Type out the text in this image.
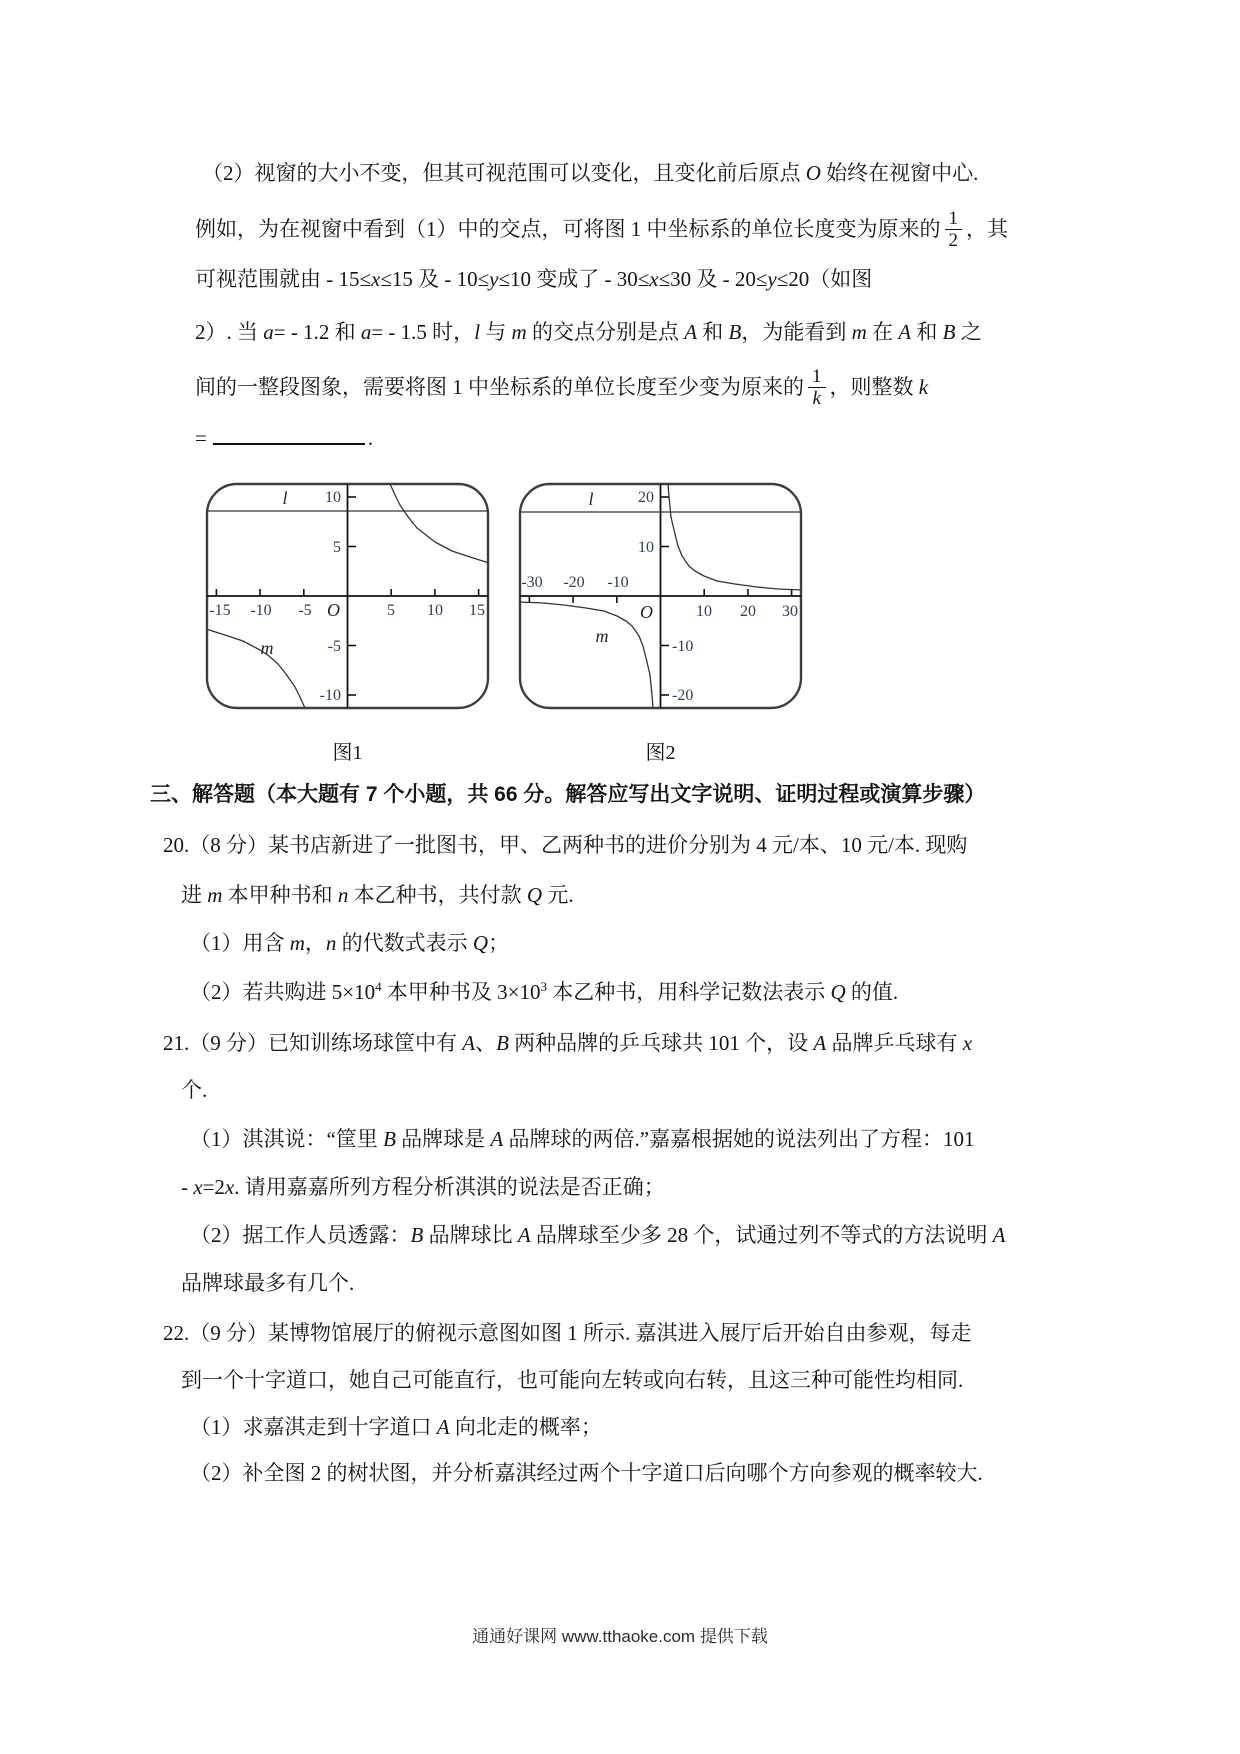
（2）视窗的大小不变，但其可视范围可以变化，且变化前后原点 O 始终在视窗中心.
例如，为在视窗中看到（1）中的交点，可将图 1 中坐标系的单位长度变为原来的 $\frac{1}{2}$ ，其
可视范围就由 - 15≤x≤15 及 - 10≤y≤10 变成了 - 30≤x≤30 及 - 20≤y≤20（如图
2）. 当 a= - 1.2 和 a= - 1.5 时，l 与 m 的交点分别是点 A 和 B，为能看到 m 在 A 和 B 之
间的一整段图象，需要将图 1 中坐标系的单位长度至少变为原来的 $\frac{1}{k}$ ，则整数 k
=	.
-15 -10 -5	5 10 15
10
5
-5
-10
O
l
m
-30 -20 -10
10 20 30
20
10
-10
-20
O
l
m
图1	图2
三、解答题（本大题有 7 个小题，共 66 分。解答应写出文字说明、证明过程或演算步骤）
20.（8 分）某书店新进了一批图书，甲、乙两种书的进价分别为 4 元/本、10 元/本. 现购
进 m 本甲种书和 n 本乙种书，共付款 Q 元.
（1）用含 m，n 的代数式表示 Q；
（2）若共购进 $5\times 10^4$ 本甲种书及 $3\times 10^3$ 本乙种书，用科学记数法表示 Q 的值.
21.（9 分）已知训练场球筐中有 A、B 两种品牌的乒乓球共 101 个，设 A 品牌乒乓球有 x
个.
（1）淇淇说：“筐里 B 品牌球是 A 品牌球的两倍.”嘉嘉根据她的说法列出了方程：101
- x=2x. 请用嘉嘉所列方程分析淇淇的说法是否正确；
（2）据工作人员透露：B 品牌球比 A 品牌球至少多 28 个，试通过列不等式的方法说明 A
品牌球最多有几个.
22.（9 分）某博物馆展厅的俯视示意图如图 1 所示. 嘉淇进入展厅后开始自由参观，每走
到一个十字道口，她自己可能直行，也可能向左转或向右转，且这三种可能性均相同.
（1）求嘉淇走到十字道口 A 向北走的概率；
（2）补全图 2 的树状图，并分析嘉淇经过两个十字道口后向哪个方向参观的概率较大.
通通好课网 www.tthaoke.com 提供下载
